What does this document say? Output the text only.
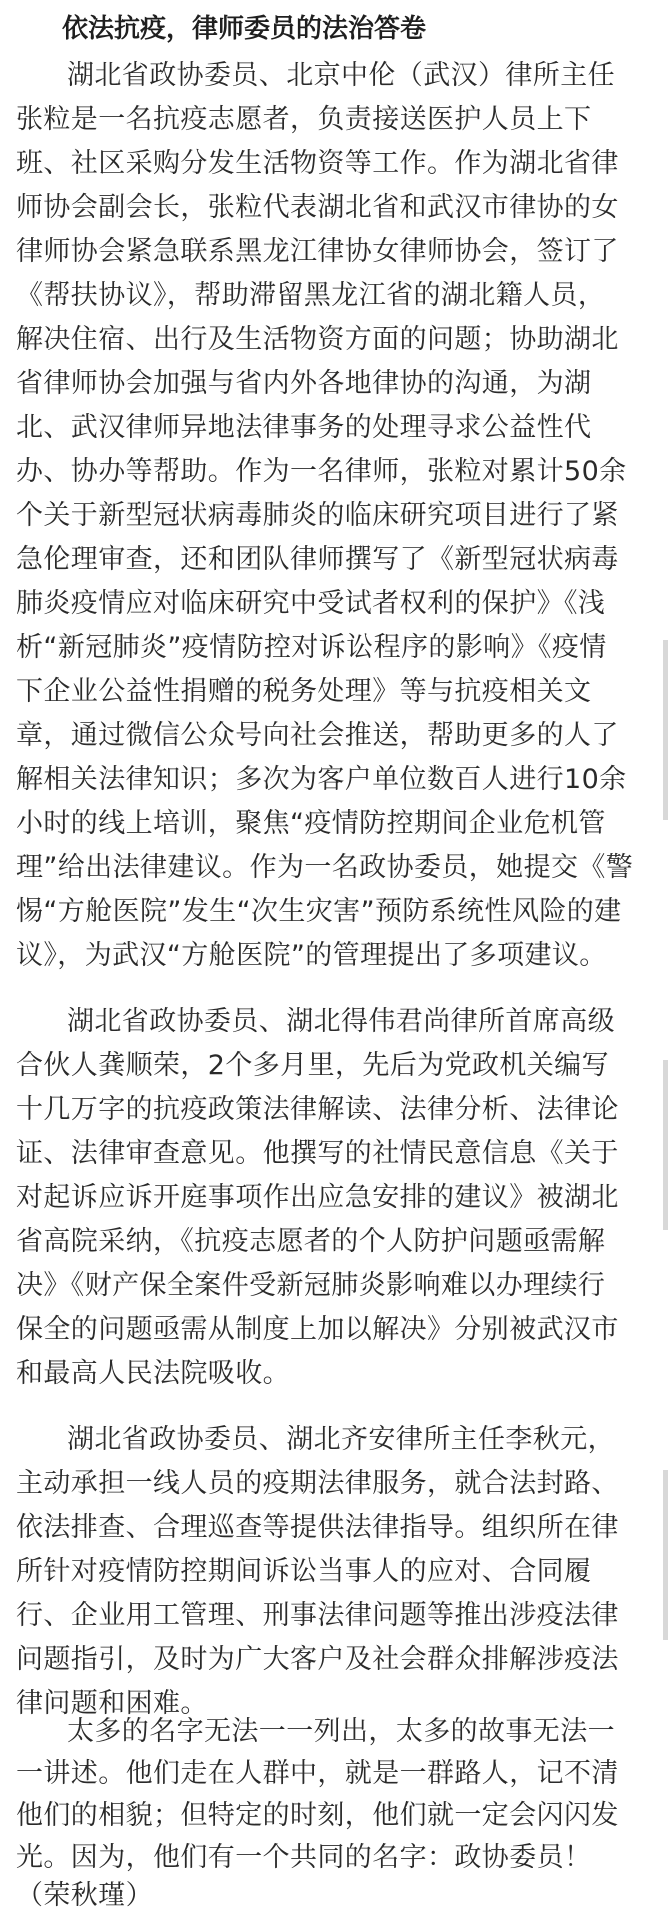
依法抗疫，律师委员的法治答卷
湖北省政协委员、北京中伦（武汉）律所主任
张粒是一名抗疫志愿者，负责接送医护人员上下
班、社区采购分发生活物资等工作。作为湖北省律
师协会副会长，张粒代表湖北省和武汉市律协的女
律师协会紧急联系黑龙江律协女律师协会，签订了
《帮扶协议》，帮助滞留黑龙江省的湖北籍人员，
解决住宿、出行及生活物资方面的问题；协助湖北
省律师协会加强与省内外各地律协的沟通，为湖
北、武汉律师异地法律事务的处理寻求公益性代
办、协办等帮助。作为一名律师，张粒对累计50余
个关于新型冠状病毒肺炎的临床研究项目进行了紧
急伦理审查，还和团队律师撰写了《新型冠状病毒
肺炎疫情应对临床研究中受试者权利的保护》《浅
析“新冠肺炎”疫情防控对诉讼程序的影响》《疫情
下企业公益性捐赠的税务处理》等与抗疫相关文
章，通过微信公众号向社会推送，帮助更多的人了
解相关法律知识；多次为客户单位数百人进行10余
小时的线上培训，聚焦“疫情防控期间企业危机管
理”给出法律建议。作为一名政协委员，她提交《警
惕“方舱医院”发生“次生灾害”预防系统性风险的建
议》，为武汉“方舱医院”的管理提出了多项建议。
湖北省政协委员、湖北得伟君尚律所首席高级
合伙人龚顺荣，2个多月里，先后为党政机关编写
十几万字的抗疫政策法律解读、法律分析、法律论
证、法律审查意见。他撰写的社情民意信息《关于
对起诉应诉开庭事项作出应急安排的建议》被湖北
省高院采纳，《抗疫志愿者的个人防护问题亟需解
决》《财产保全案件受新冠肺炎影响难以办理续行
保全的问题亟需从制度上加以解决》分别被武汉市
和最高人民法院吸收。
湖北省政协委员、湖北齐安律所主任李秋元，
主动承担一线人员的疫期法律服务，就合法封路、
依法排查、合理巡查等提供法律指导。组织所在律
所针对疫情防控期间诉讼当事人的应对、合同履
行、企业用工管理、刑事法律问题等推出涉疫法律
问题指引，及时为广大客户及社会群众排解涉疫法
律问题和困难。
太多的名字无法一一列出，太多的故事无法一
一讲述。他们走在人群中，就是一群路人，记不清
他们的相貌；但特定的时刻，他们就一定会闪闪发
光。因为，他们有一个共同的名字：政协委员！
（荣秋瑾）
